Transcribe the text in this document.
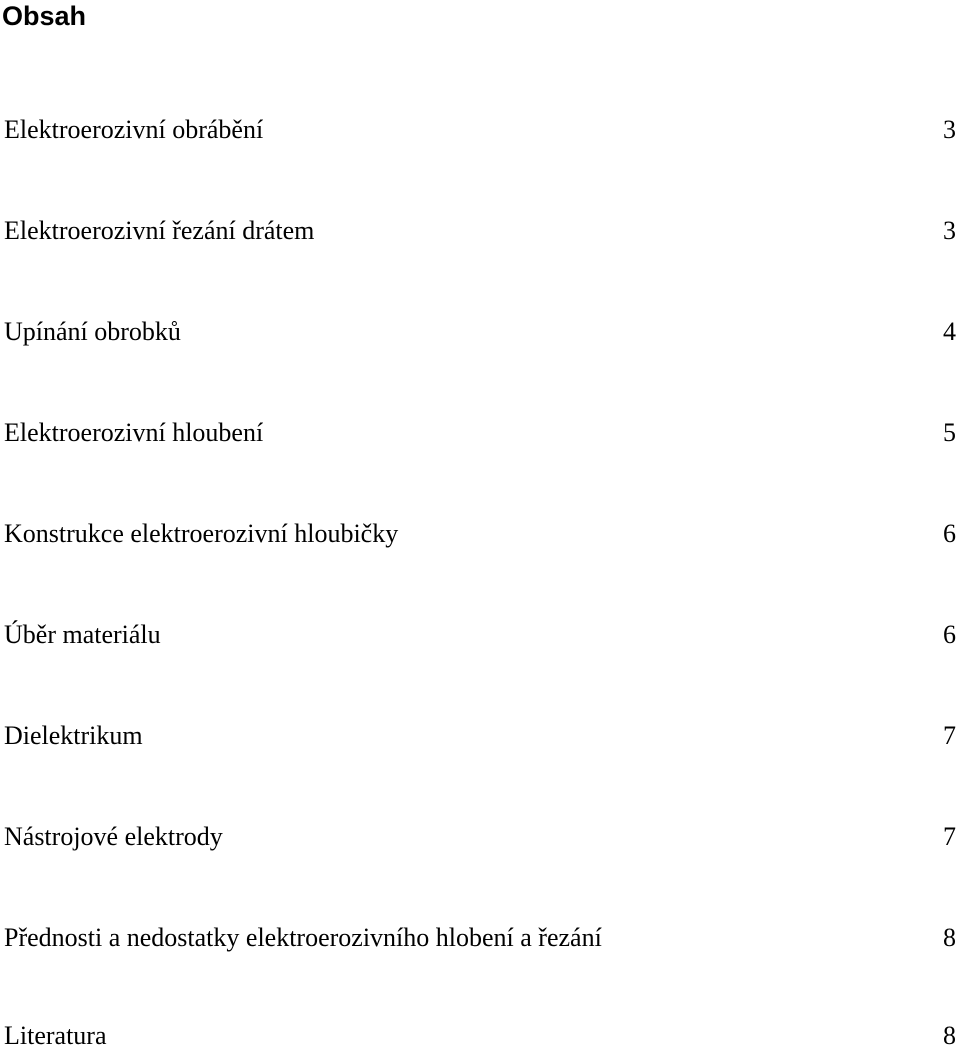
Obsah
Elektroerozivní obrábění	3
Elektroerozivní řezání drátem	3
Upínání obrobků	4
Elektroerozivní hloubení	5
Konstrukce elektroerozivní hloubičky	6
Úběr materiálu	6
Dielektrikum	7
Nástrojové elektrody	7
Přednosti a nedostatky elektroerozivního hlobení a řezání	8
Literatura	8
